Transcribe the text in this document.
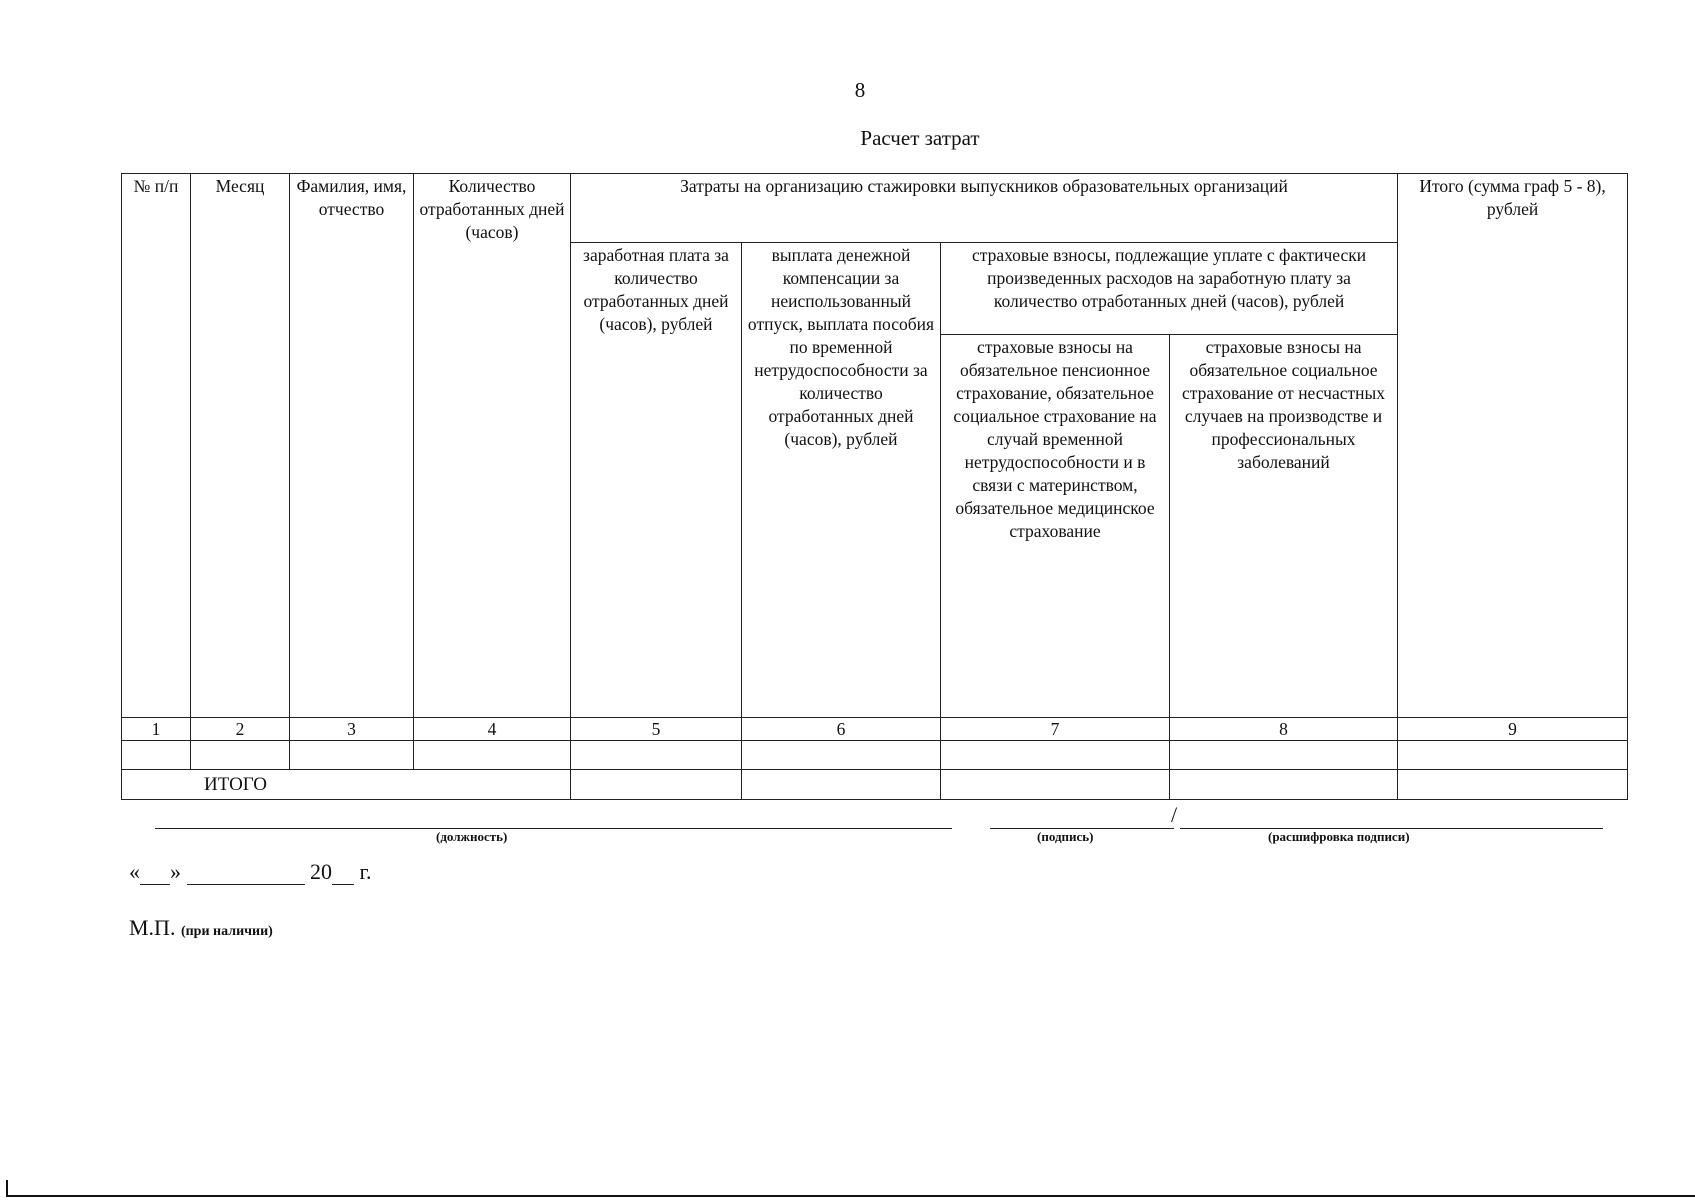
8
Расчет затрат
№ п/п	Месяц	Фамилия, имя, отчество	Количество отработанных дней (часов)	Затраты на организацию стажировки выпускников образовательных организаций				Итого (сумма граф 5 - 8), рублей
				заработная плата за количество отработанных дней (часов), рублей	выплата денежной компенсации за неиспользованный отпуск, выплата пособия по временной нетрудоспособности за количество отработанных дней (часов), рублей	страховые взносы, подлежащие уплате с фактически произведенных расходов на заработную плату за количество отработанных дней (часов), рублей		
						страховые взносы на обязательное пенсионное страхование, обязательное социальное страхование на случай временной нетрудоспособности и в связи с материнством, обязательное медицинское страхование	страховые взносы на обязательное социальное страхование от несчастных случаев на производстве и профессиональных заболеваний	
1	2	3	4	5	6	7	8	9

ИТОГО								
(должность)
/
(подпись)	(расшифровка подписи)
« »	20 г.
М.П. (при наличии)
